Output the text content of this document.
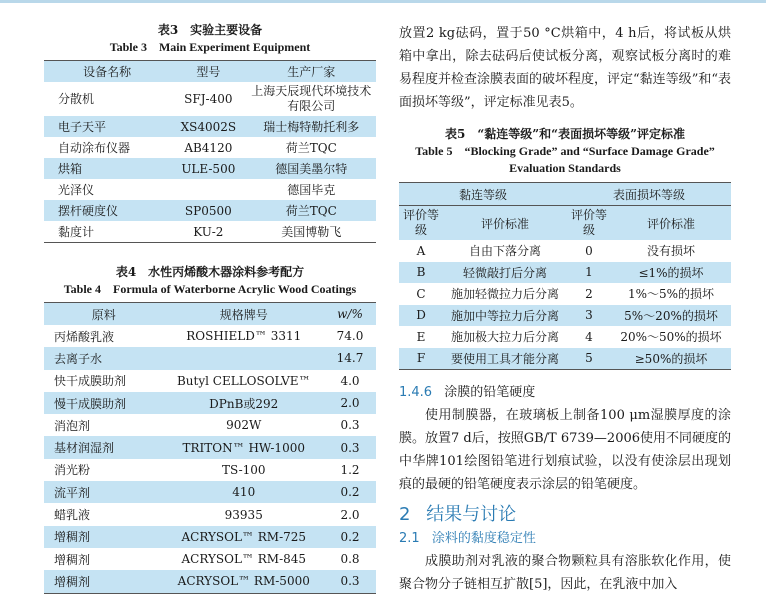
表3　实验主要设备
Table 3　Main Experiment Equipment
设备名称	型号	生产厂家
分散机	SFJ-400	上海天辰现代环境技术有限公司
电子天平	XS4002S	瑞士梅特勒托利多
自动涂布仪器	AB4120	荷兰TQC
烘箱	ULE-500	德国美墨尔特
光泽仪		德国毕克
摆杆硬度仪	SP0500	荷兰TQC
黏度计	KU-2	美国博勒飞
表4　水性丙烯酸木器涂料参考配方
Table 4　Formula of Waterborne Acrylic Wood Coatings
原料	规格牌号	w/%
丙烯酸乳液	ROSHIELD™ 3311	74.0
去离子水		14.7
快干成膜助剂	Butyl CELLOSOLVE™	4.0
慢干成膜助剂	DPnB或292	2.0
消泡剂	902W	0.3
基材润湿剂	TRITON™ HW-1000	0.3
消光粉	TS-100	1.2
流平剂	410	0.2
蜡乳液	93935	2.0
增稠剂	ACRYSOL™ RM-725	0.2
增稠剂	ACRYSOL™ RM-845	0.8
增稠剂	ACRYSOL™ RM-5000	0.3

放置2 kg砝码，置于50 °C烘箱中，4 h后，将试板从烘箱中拿出，除去砝码后使试板分离，观察试板分离时的难易程度并检查涂膜表面的破坏程度，评定“黏连等级”和“表面损坏等级”，评定标准见表5。

表5　“黏连等级”和“表面损坏等级”评定标准
Table 5　“Blocking Grade” and “Surface Damage Grade”
Evaluation Standards
黏连等级		表面损坏等级	
评价等级	评价标准	评价等级	评价标准
A	自由下落分离	0	没有损坏
B	轻微敲打后分离	1	≤1%的损坏
C	施加轻微拉力后分离	2	1%～5%的损坏
D	施加中等拉力后分离	3	5%～20%的损坏
E	施加极大拉力后分离	4	20%～50%的损坏
F	要使用工具才能分离	5	≥50%的损坏
1.4.6 涂膜的铅笔硬度

使用制膜器，在玻璃板上制备100 μm湿膜厚度的涂膜。放置7 d后，按照GB/T 6739—2006使用不同硬度的中华牌101绘图铅笔进行划痕试验，以没有使涂层出现划痕的最硬的铅笔硬度表示涂层的铅笔硬度。

2 结果与讨论
2.1 涂料的黏度稳定性

成膜助剂对乳液的聚合物颗粒具有溶胀软化作用，使聚合物分子链相互扩散[5]，因此，在乳液中加入
